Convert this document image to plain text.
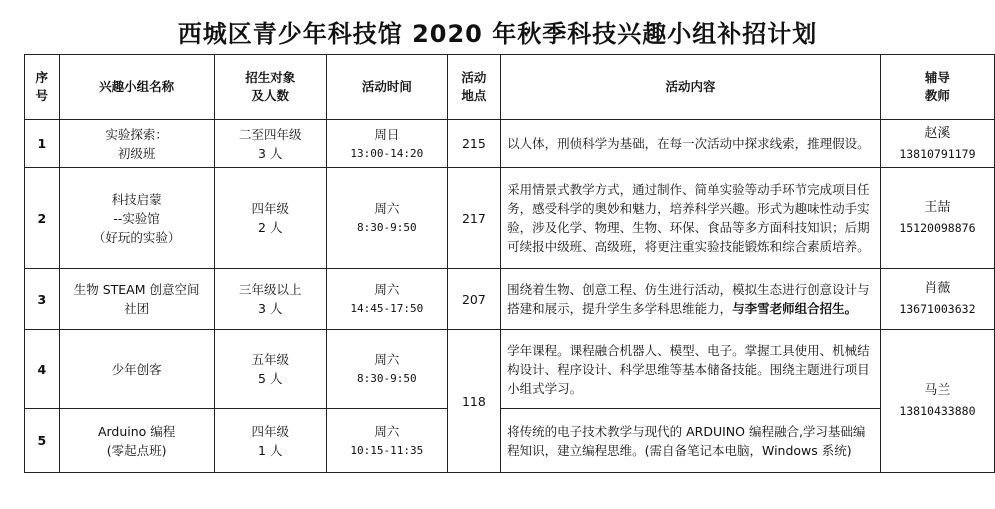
西城区青少年科技馆 2020 年秋季科技兴趣小组补招计划
序
号	兴趣小组名称	招生对象
及人数	活动时间	活动
地点	活动内容	辅导
教师

1	实验探索：
初级班	二至四年级
3 人	周日
13:00-14:20	215	以人体，刑侦科学为基础，在每一次活动中探求线索，推理假设。	赵溪
13810791179

2	科技启蒙
--实验馆
（好玩的实验）	四年级
2 人	周六
8:30-9:50	217	采用情景式教学方式，通过制作、简单实验等动手环节完成项目任务，感受科学的奥妙和魅力，培养科学兴趣。形式为趣味性动手实验，涉及化学、物理、生物、环保、食品等多方面科技知识；后期可续报中级班、高级班，将更注重实验技能锻炼和综合素质培养。	王喆
15120098876

3	生物 STEAM 创意空间
社团	三年级以上
3 人	周六
14:45-17:50	207	围绕着生物、创意工程、仿生进行活动，模拟生态进行创意设计与搭建和展示，提升学生多学科思维能力，与李雪老师组合招生。	肖薇
13671003632

4	少年创客	五年级
5 人	周六
8:30-9:50	118	学年课程。课程融合机器人、模型、电子。掌握工具使用、机械结构设计、程序设计、科学思维等基本储备技能。围绕主题进行项目小组式学习。	马兰
13810433880

5	Arduino 编程
(零起点班)	四年级
1 人	周六
10:15-11:35		将传统的电子技术教学与现代的 ARDUINO 编程融合,学习基础编程知识，建立编程思维。(需自备笔记本电脑，Windows 系统)	
